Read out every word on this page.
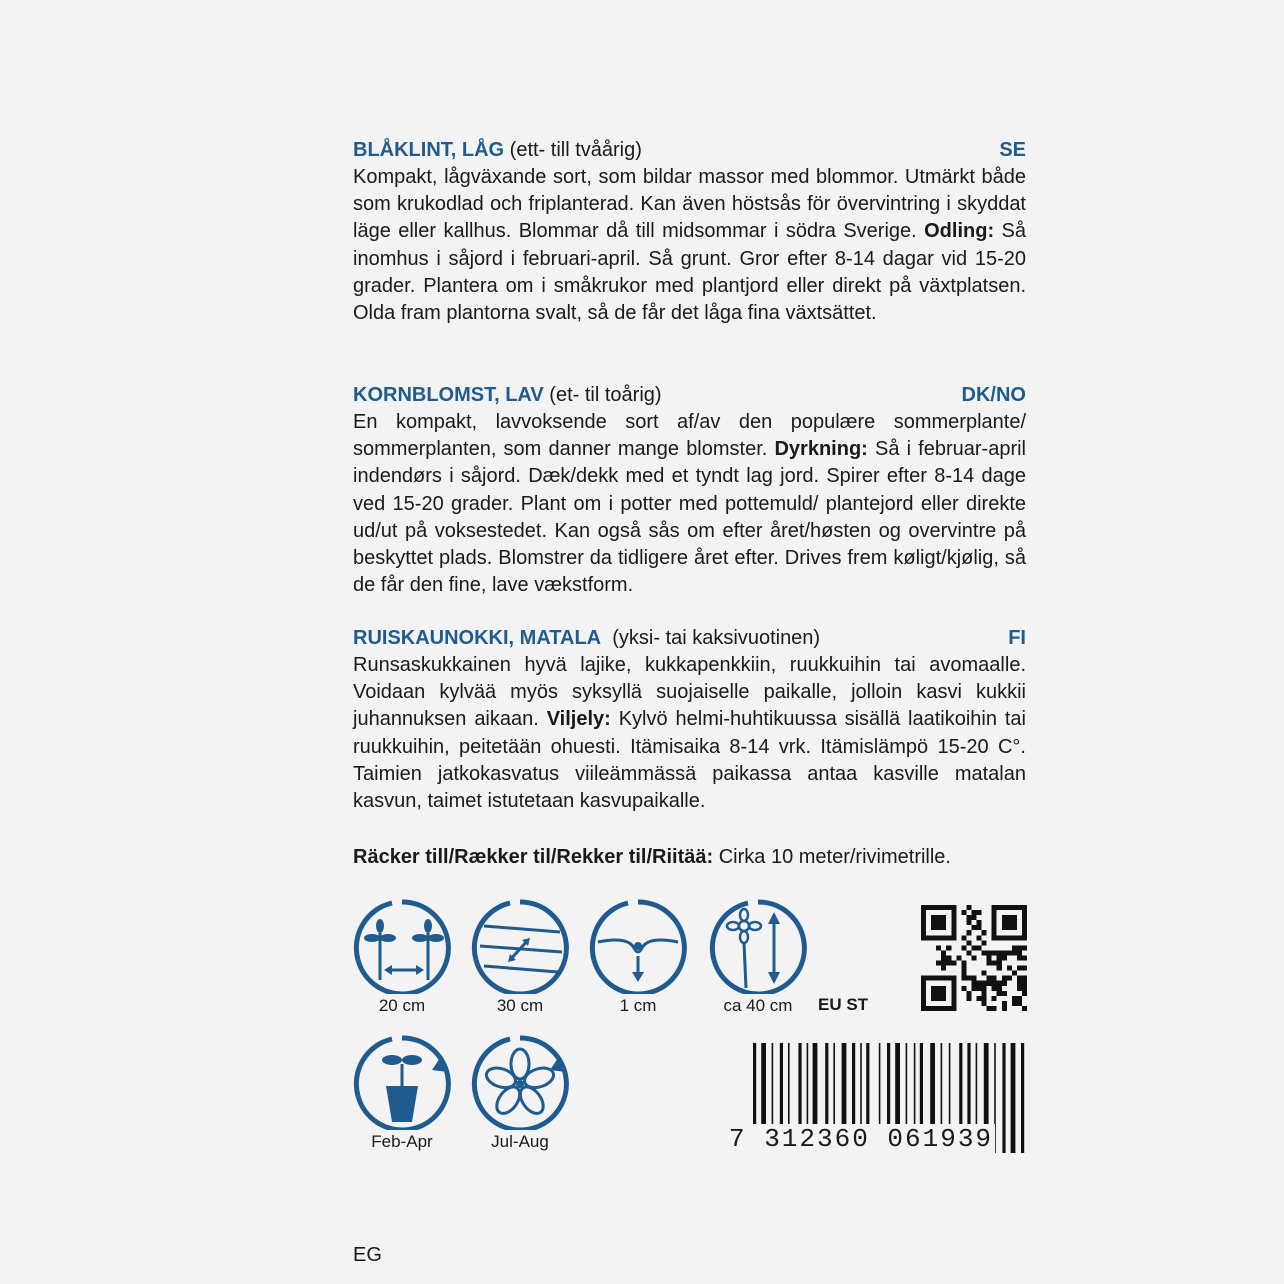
BLÅKLINT, LÅG (ett- till tvåårig)	SE
Kompakt, lågväxande sort, som bildar massor med blommor. Utmärkt både som krukodlad och friplanterad. Kan även höstsås för övervintring i skyddat läge eller kallhus. Blommar då till midsommar i södra Sverige. Odling: Så inomhus i såjord i februari-april. Så grunt. Gror efter 8-14 dagar vid 15-20 grader. Plantera om i småkrukor med plantjord eller direkt på växtplatsen. Olda fram plantorna svalt, så de får det låga fina växtsättet.
KORNBLOMST, LAV (et- til toårig)	DK/NO
En kompakt, lavvoksende sort af/av den populære sommerplante/ sommerplanten, som danner mange blomster. Dyrkning: Så i februar-april indendørs i såjord. Dæk/dekk med et tyndt lag jord. Spirer efter 8-14 dage ved 15-20 grader. Plant om i potter med pottemuld/ plantejord eller direkte ud/ut på voksestedet. Kan også sås om efter året/høsten og overvintre på beskyttet plads. Blomstrer da tidligere året efter. Drives frem køligt/kjølig, så de får den fine, lave vækstform.
RUISKAUNOKKI, MATALA (yksi- tai kaksivuotinen)	FI
Runsaskukkainen hyvä lajike, kukkapenkkiin, ruukkuihin tai avomaalle. Voidaan kylvää myös syksyllä suojaiselle paikalle, jolloin kasvi kukkii juhannuksen aikaan. Viljely: Kylvö helmi-huhtikuussa sisällä laatikoihin tai ruukkuihin, peitetään ohuesti. Itämisaika 8-14 vrk. Itämislämpö 15-20 C°. Taimien jatkokasvatus viileämmässä paikassa antaa kasville matalan kasvun, taimet istutetaan kasvupaikalle.
Räcker till/Rækker til/Rekker til/Riitää: Cirka 10 meter/rivimetrille.
20 cm	30 cm	1 cm	ca 40 cm	EU ST
Feb-Apr	Jul-Aug	7 312360 061939
EG
